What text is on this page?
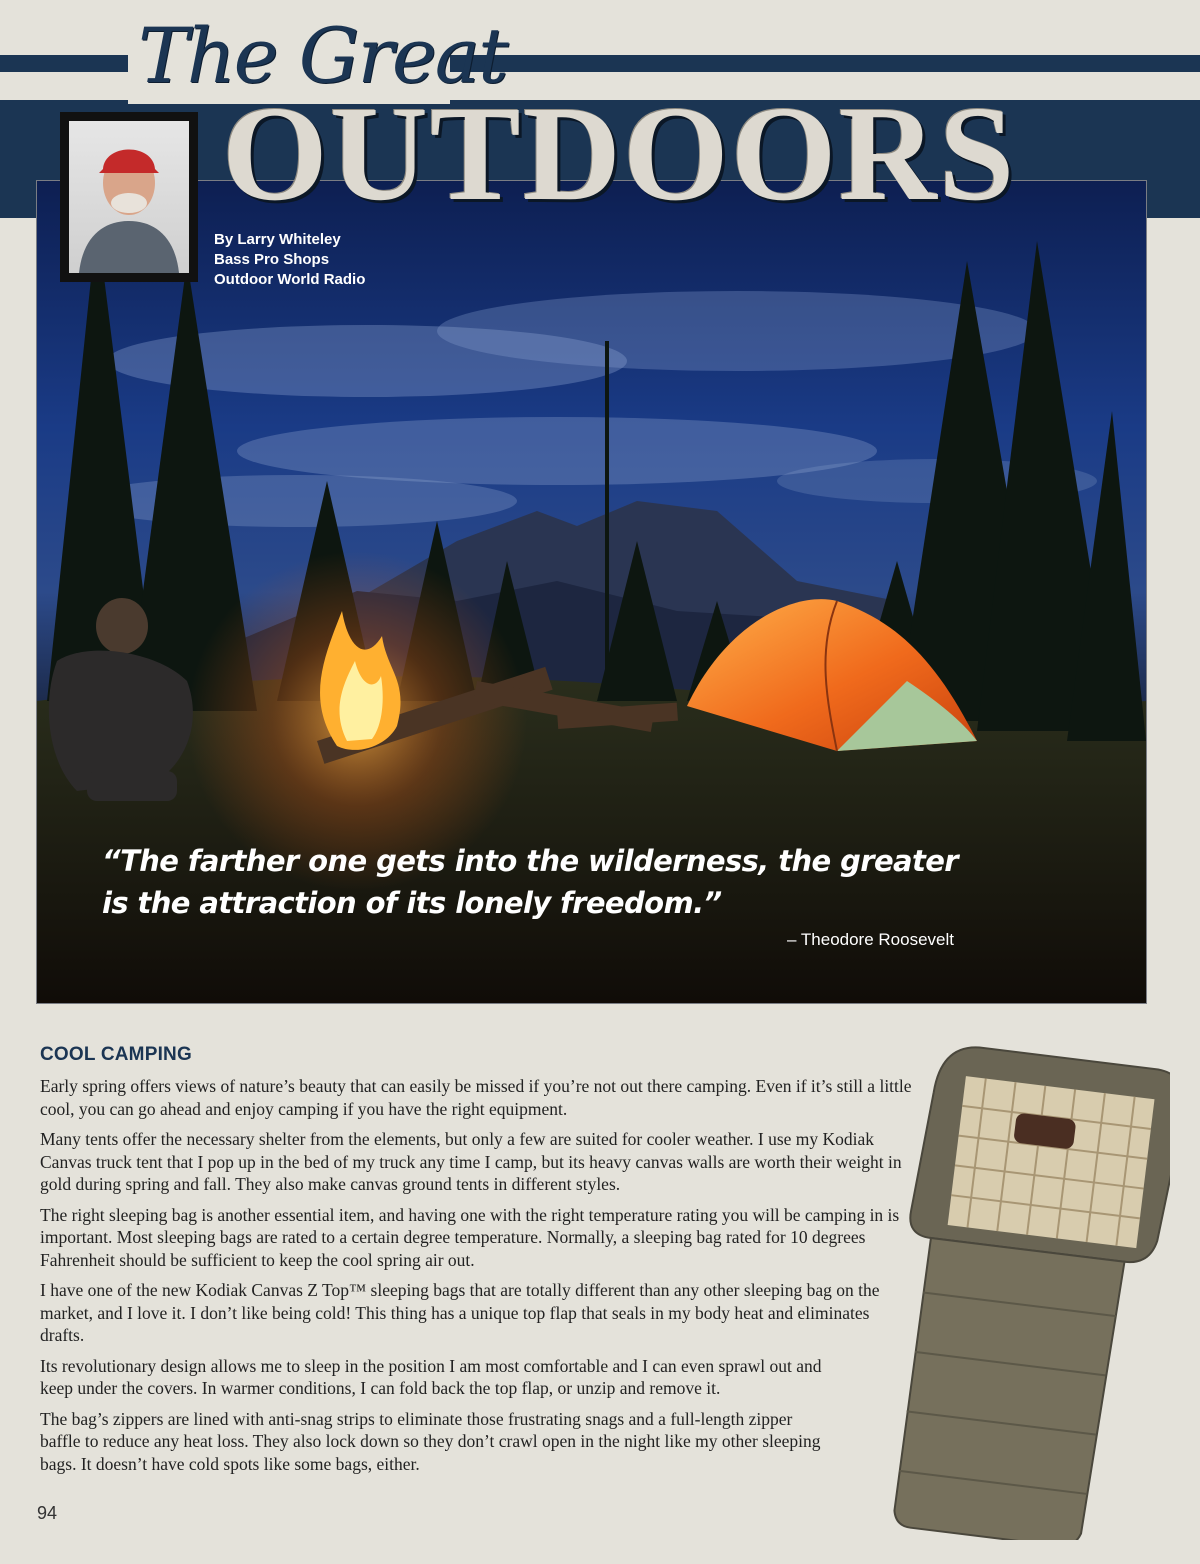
The Great
OUTDOORS
By Larry Whiteley
Bass Pro Shops
Outdoor World Radio
“The farther one gets into the wilderness, the greater is the attraction of its lonely freedom.”
– Theodore Roosevelt
COOL CAMPING

Early spring offers views of nature’s beauty that can easily be missed if you’re not out there camping. Even if it’s still a little cool, you can go ahead and enjoy camping if you have the right equipment.

Many tents offer the necessary shelter from the elements, but only a few are suited for cooler weather. I use my Kodiak Canvas truck tent that I pop up in the bed of my truck any time I camp, but its heavy canvas walls are worth their weight in gold during spring and fall. They also make canvas ground tents in different styles.

The right sleeping bag is another essential item, and having one with the right temperature rating you will be camping in is important. Most sleeping bags are rated to a certain degree temperature. Normally, a sleeping bag rated for 10 degrees Fahrenheit should be sufficient to keep the cool spring air out.

I have one of the new Kodiak Canvas Z Top™ sleeping bags that are totally different than any other sleeping bag on the market, and I love it. I don’t like being cold! This thing has a unique top flap that seals in my body heat and eliminates drafts.

Its revolutionary design allows me to sleep in the position I am most comfortable and I can even sprawl out and keep under the covers. In warmer conditions, I can fold back the top flap, or unzip and remove it.

The bag’s zippers are lined with anti-snag strips to eliminate those frustrating snags and a full-length zipper baffle to reduce any heat loss. They also lock down so they don’t crawl open in the night like my other sleeping bags. It doesn’t have cold spots like some bags, either.

94
